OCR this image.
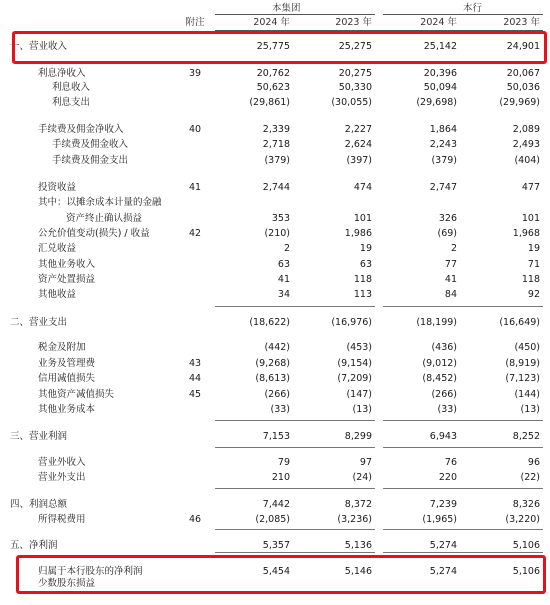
本集团	本行
附注	2024 年	2023 年	2024 年	2023 年
一、营业收入	25,775	25,275	25,142	24,901
利息净收入	39	20,762	20,275	20,396	20,067
利息收入	50,623	50,330	50,094	50,036
利息支出	(29,861)	(30,055)	(29,698)	(29,969)
手续费及佣金净收入	40	2,339	2,227	1,864	2,089
手续费及佣金收入	2,718	2,624	2,243	2,493
手续费及佣金支出	(379)	(397)	(379)	(404)
投资收益	41	2,744	474	2,747	477
其中：以摊余成本计量的金融
资产终止确认损益	353	101	326	101
公允价值变动(损失) / 收益	42	(210)	1,986	(69)	1,968
汇兑收益	2	19	2	19
其他业务收入	63	63	77	71
资产处置损益	41	118	41	118
其他收益	34	113	84	92
二、营业支出	(18,622)	(16,976)	(18,199)	(16,649)
税金及附加	(442)	(453)	(436)	(450)
业务及管理费	43	(9,268)	(9,154)	(9,012)	(8,919)
信用减值损失	44	(8,613)	(7,209)	(8,452)	(7,123)
其他资产减值损失	45	(266)	(147)	(266)	(144)
其他业务成本	(33)	(13)	(33)	(13)
三、营业利润	7,153	8,299	6,943	8,252
营业外收入	79	97	76	96
营业外支出	210	(24)	220	(22)
四、利润总额	7,442	8,372	7,239	8,326
所得税费用	46	(2,085)	(3,236)	(1,965)	(3,220)
五、净利润	5,357	5,136	5,274	5,106
归属于本行股东的净利润	5,454	5,146	5,274	5,106
少数股东损益
